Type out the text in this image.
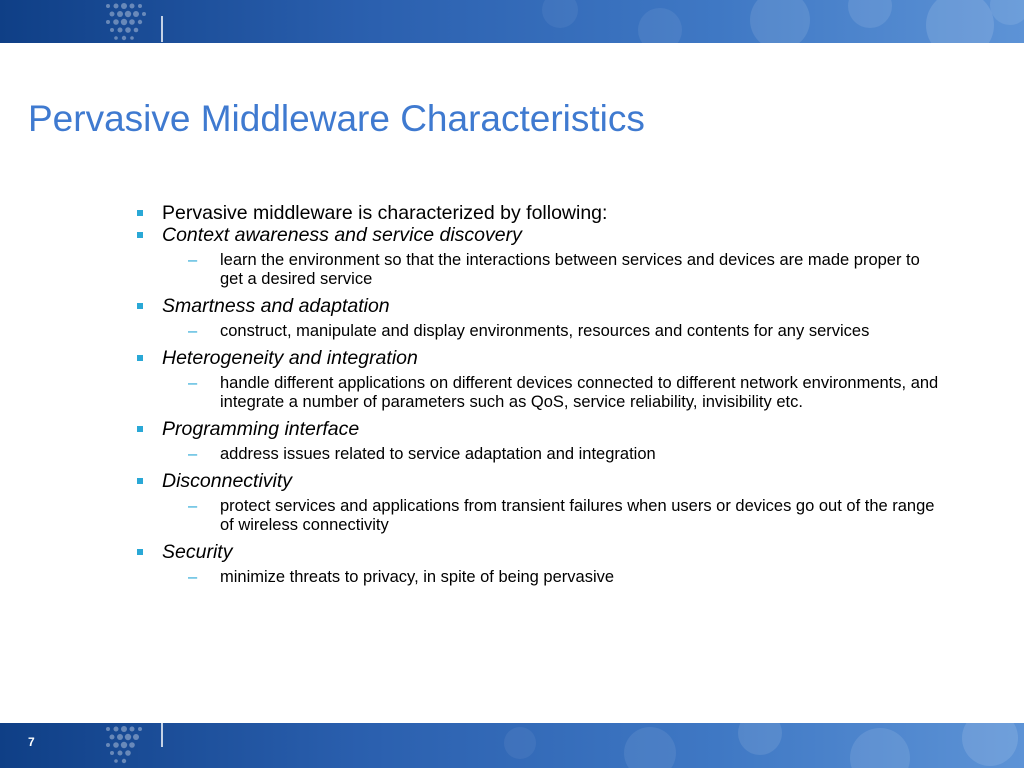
Pervasive Middleware Characteristics
Pervasive middleware is characterized by following:
Context awareness and service discovery
– learn the environment so that the interactions between services and devices are made proper to get a desired service
Smartness and adaptation
– construct, manipulate and display environments, resources and contents for any services
Heterogeneity and integration
– handle different applications on different devices connected to different network environments, and integrate a number of parameters such as QoS, service reliability, invisibility etc.
Programming interface
– address issues related to service adaptation and integration
Disconnectivity
– protect services and applications from transient failures when users or devices go out of the range of wireless connectivity
Security
– minimize threats to privacy, in spite of being pervasive
7
